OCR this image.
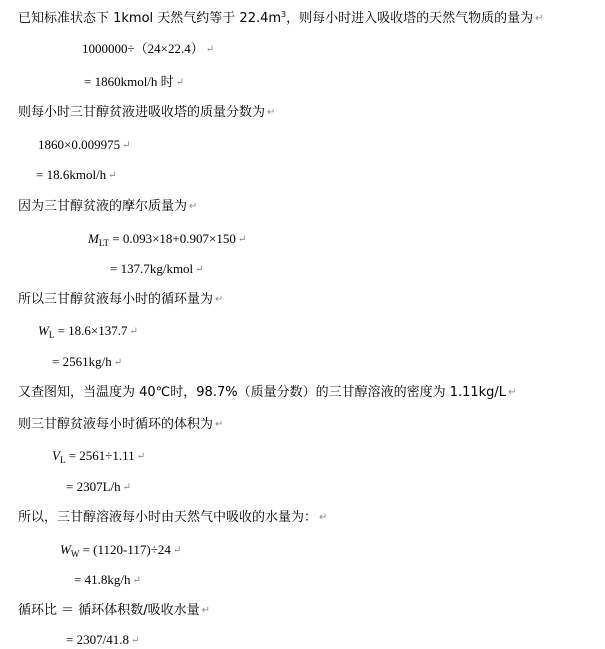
已知标准状态下 1kmol 天然气约等于 $22.4m^3$，则每小时进入吸收塔的天然气物质的量为 ↵
1000000÷（24×22.4） ↵
= 1860kmol/h 时 ↵
则每小时三甘醇贫液进吸收塔的质量分数为 ↵
1860×0.009975 ↵
= 18.6kmol/h ↵
因为三甘醇贫液的摩尔质量为 ↵
$M_{LT} = 0.093\times 18+0.907\times 150$ ↵
= 137.7kg/kmol ↵
所以三甘醇贫液每小时的循环量为 ↵
$W_L = 18.6\times 137.7$ ↵
= 2561kg/h ↵
又查图知，当温度为 40℃时，98.7%（质量分数）的三甘醇溶液的密度为 1.11kg/L ↵
则三甘醇贫液每小时循环的体积为 ↵
$V_L = 2561\div 1.11$ ↵
= 2307L/h ↵
所以，三甘醇溶液每小时由天然气中吸收的水量为： ↵
$W_W = (1120-117)\div 24$ ↵
= 41.8kg/h ↵
循环比 ＝ 循环体积数/吸收水量 ↵
= 2307/41.8 ↵
